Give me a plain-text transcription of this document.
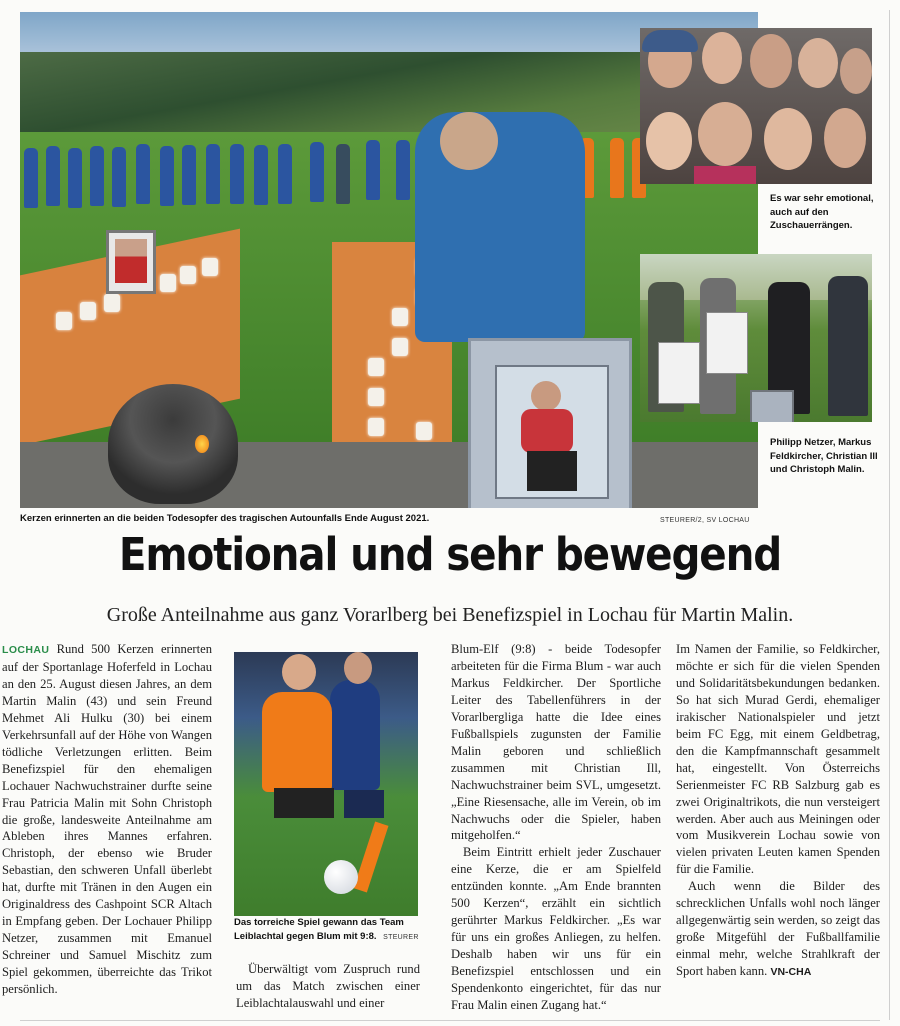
Kerzen erinnerten an die beiden Todesopfer des tragischen Autounfalls Ende August 2021.	STEURER/2, SV LOCHAU
Es war sehr emotional, auch auf den Zuschauerrängen.
Philipp Netzer, Markus Feldkircher, Christian Ill und Christoph Malin.
Emotional und sehr bewegend
Große Anteilnahme aus ganz Vorarlberg bei Benefizspiel in Lochau für Martin Malin.

LOCHAU Rund 500 Kerzen erinnerten auf der Sportanlage Hoferfeld in Lochau an den 25. August diesen Jahres, an dem Martin Malin (43) und sein Freund Mehmet Ali Hulku (30) bei einem Verkehrsunfall auf der Höhe von Wangen tödliche Verletzungen erlitten. Beim Benefizspiel für den ehemaligen Lochauer Nachwuchstrainer durfte seine Frau Patricia Malin mit Sohn Christoph die große, landesweite Anteilnahme am Ableben ihres Mannes erfahren. Christoph, der ebenso wie Bruder Sebastian, den schweren Unfall überlebt hat, durfte mit Tränen in den Augen ein Originaldress des Cashpoint SCR Altach in Empfang geben. Der Lochauer Philipp Netzer, zusammen mit Emanuel Schreiner und Samuel Mischitz zum Spiel gekommen, überreichte das Trikot persönlich.

Das torreiche Spiel gewann das Team Leiblachtal gegen Blum mit 9:8. STEURER

Überwältigt vom Zuspruch rund um das Match zwischen einer Leiblachtalauswahl und einer

Blum-Elf (9:8) - beide Todesopfer arbeiteten für die Firma Blum - war auch Markus Feldkircher. Der Sportliche Leiter des Tabellenführers in der Vorarlbergliga hatte die Idee eines Fußballspiels zugunsten der Familie Malin geboren und schließlich zusammen mit Christian Ill, Nachwuchstrainer beim SVL, umgesetzt. „Eine Riesensache, alle im Verein, ob im Nachwuchs oder die Spieler, haben mitgeholfen.“

Beim Eintritt erhielt jeder Zuschauer eine Kerze, die er am Spielfeld entzünden konnte. „Am Ende brannten 500 Kerzen“, erzählt ein sichtlich gerührter Markus Feldkircher. „Es war für uns ein großes Anliegen, zu helfen. Deshalb haben wir uns für ein Benefizspiel entschlossen und ein Spendenkonto eingerichtet, für das nur Frau Malin einen Zugang hat.“

Im Namen der Familie, so Feldkircher, möchte er sich für die vielen Spenden und Solidaritätsbekundungen bedanken. So hat sich Murad Gerdi, ehemaliger irakischer Nationalspieler und jetzt beim FC Egg, mit einem Geldbetrag, den die Kampfmannschaft gesammelt hat, eingestellt. Von Österreichs Serienmeister FC RB Salzburg gab es zwei Originaltrikots, die nun versteigert werden. Aber auch aus Meiningen oder vom Musikverein Lochau sowie von vielen privaten Leuten kamen Spenden für die Familie.

Auch wenn die Bilder des schrecklichen Unfalls wohl noch länger allgegenwärtig sein werden, so zeigt das große Mitgefühl der Fußballfamilie einmal mehr, welche Strahlkraft der Sport haben kann. VN-CHA
